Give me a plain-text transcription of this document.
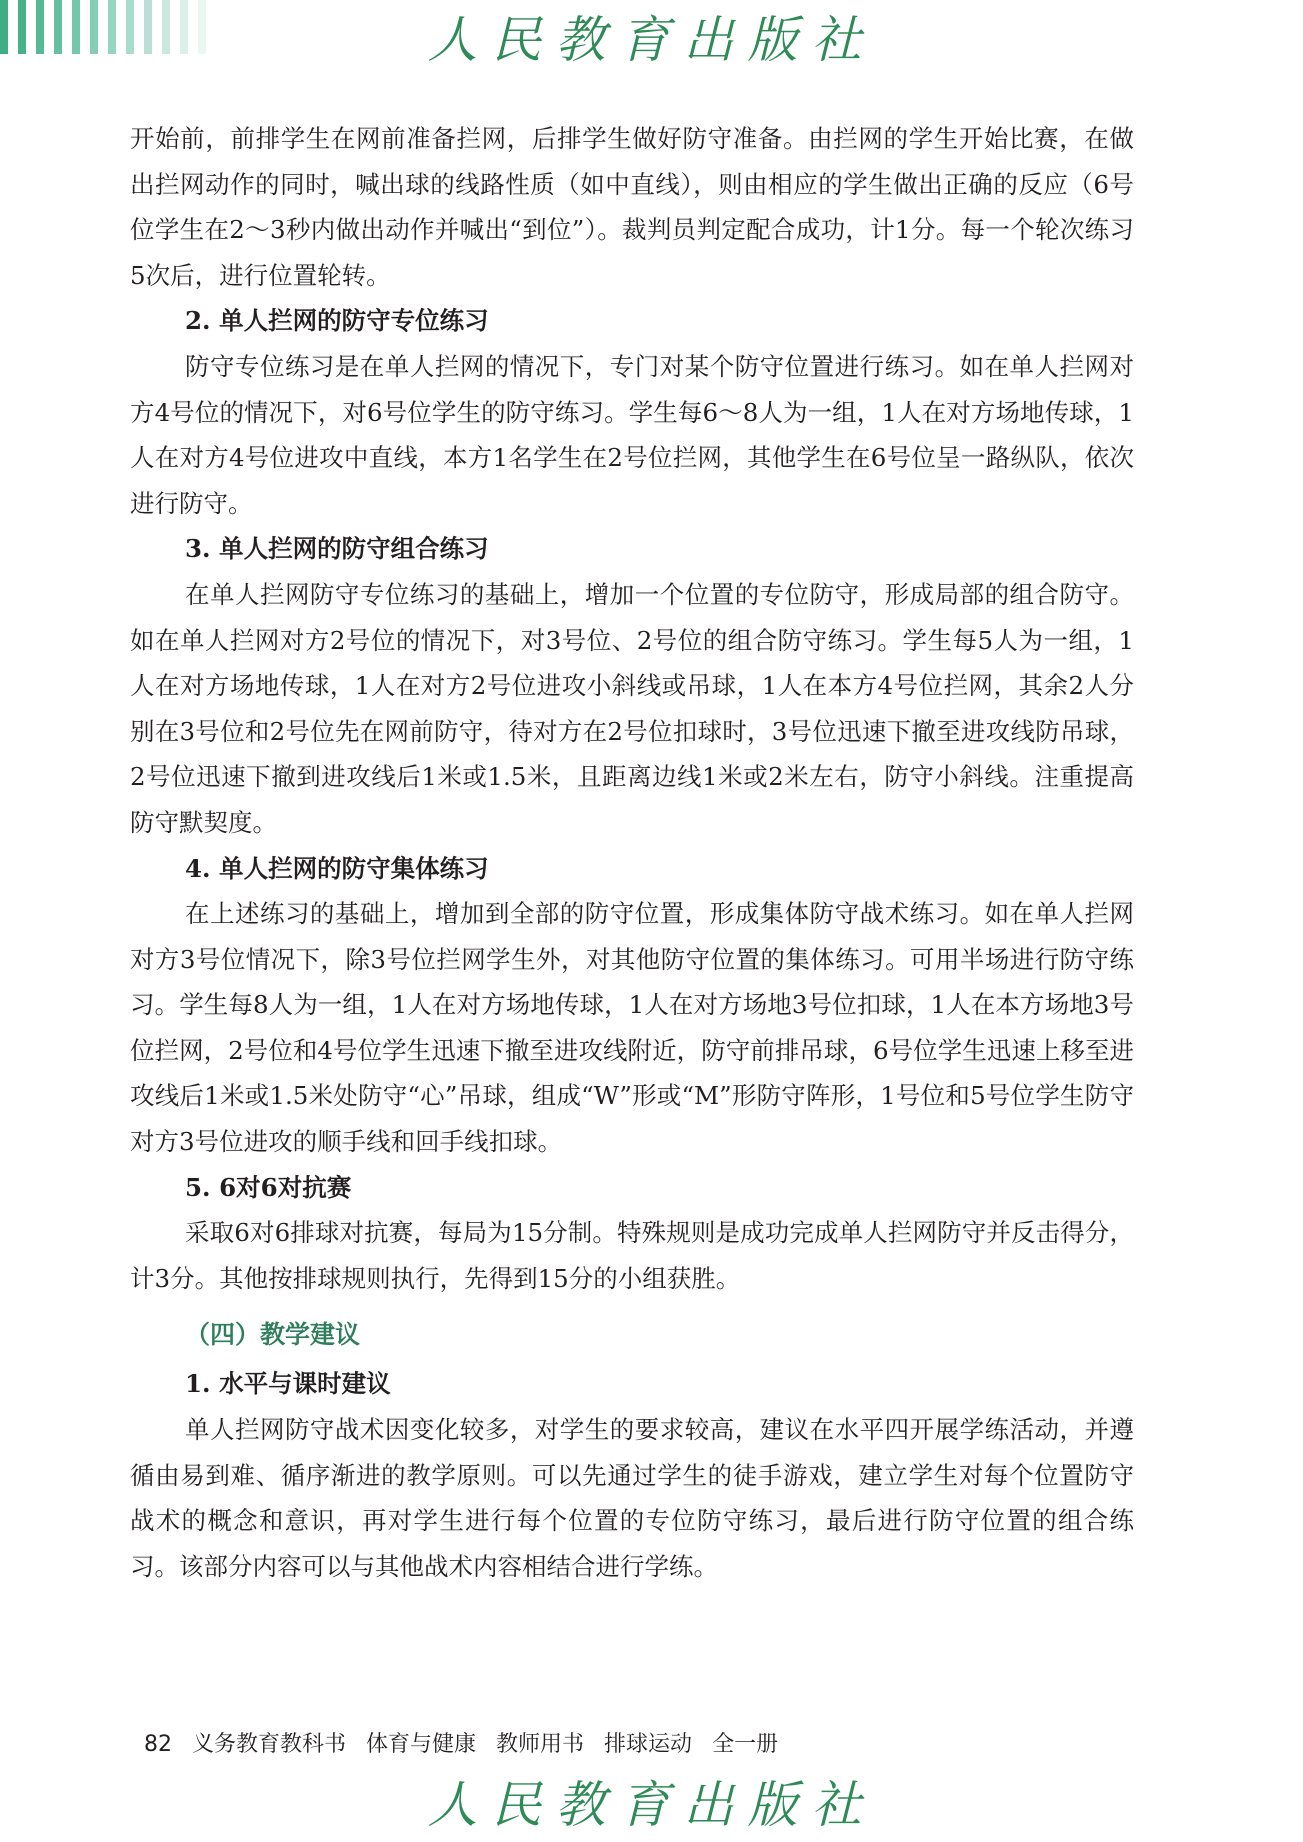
人民教育出版社

开始前，前排学生在网前准备拦网，后排学生做好防守准备。由拦网的学生开始比赛，在做出拦网动作的同时，喊出球的线路性质（如中直线），则由相应的学生做出正确的反应（6号位学生在2～3秒内做出动作并喊出“到位”）。裁判员判定配合成功，计1分。每一个轮次练习5次后，进行位置轮转。

2. 单人拦网的防守专位练习

防守专位练习是在单人拦网的情况下，专门对某个防守位置进行练习。如在单人拦网对方4号位的情况下，对6号位学生的防守练习。学生每6～8人为一组，1人在对方场地传球，1人在对方4号位进攻中直线，本方1名学生在2号位拦网，其他学生在6号位呈一路纵队，依次进行防守。

3. 单人拦网的防守组合练习

在单人拦网防守专位练习的基础上，增加一个位置的专位防守，形成局部的组合防守。如在单人拦网对方2号位的情况下，对3号位、2号位的组合防守练习。学生每5人为一组，1人在对方场地传球，1人在对方2号位进攻小斜线或吊球，1人在本方4号位拦网，其余2人分别在3号位和2号位先在网前防守，待对方在2号位扣球时，3号位迅速下撤至进攻线防吊球，2号位迅速下撤到进攻线后1米或1.5米，且距离边线1米或2米左右，防守小斜线。注重提高防守默契度。

4. 单人拦网的防守集体练习

在上述练习的基础上，增加到全部的防守位置，形成集体防守战术练习。如在单人拦网对方3号位情况下，除3号位拦网学生外，对其他防守位置的集体练习。可用半场进行防守练习。学生每8人为一组，1人在对方场地传球，1人在对方场地3号位扣球，1人在本方场地3号位拦网，2号位和4号位学生迅速下撤至进攻线附近，防守前排吊球，6号位学生迅速上移至进攻线后1米或1.5米处防守“心”吊球，组成“W”形或“M”形防守阵形，1号位和5号位学生防守对方3号位进攻的顺手线和回手线扣球。

5. 6对6对抗赛

采取6对6排球对抗赛，每局为15分制。特殊规则是成功完成单人拦网防守并反击得分，计3分。其他按排球规则执行，先得到15分的小组获胜。

（四）教学建议

1. 水平与课时建议

单人拦网防守战术因变化较多，对学生的要求较高，建议在水平四开展学练活动，并遵循由易到难、循序渐进的教学原则。可以先通过学生的徒手游戏，建立学生对每个位置防守战术的概念和意识，再对学生进行每个位置的专位防守练习，最后进行防守位置的组合练习。该部分内容可以与其他战术内容相结合进行学练。

82 义务教育教科书 体育与健康 教师用书 排球运动 全一册

人民教育出版社
